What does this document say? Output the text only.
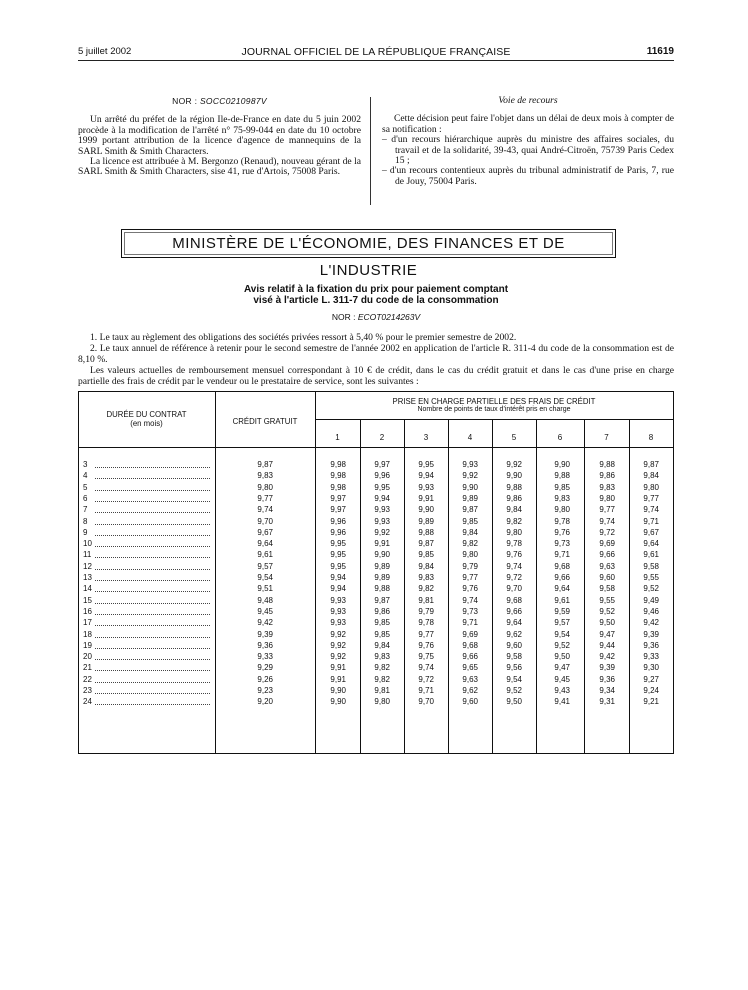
5 juillet 2002	JOURNAL OFFICIEL DE LA RÉPUBLIQUE FRANÇAISE	11619

NOR : SOCC0210987V

Un arrêté du préfet de la région Ile-de-France en date du 5 juin 2002 procède à la modification de l'arrêté n° 75-99-044 en date du 10 octobre 1999 portant attribution de la licence d'agence de mannequins de la SARL Smith & Smith Characters.

La licence est attribuée à M. Bergonzo (Renaud), nouveau gérant de la SARL Smith & Smith Characters, sise 41, rue d'Artois, 75008 Paris.

Voie de recours

Cette décision peut faire l'objet dans un délai de deux mois à compter de sa notification :

– d'un recours hiérarchique auprès du ministre des affaires sociales, du travail et de la solidarité, 39-43, quai André-Citroën, 75739 Paris Cedex 15 ;

– d'un recours contentieux auprès du tribunal administratif de Paris, 7, rue de Jouy, 75004 Paris.

MINISTÈRE DE L'ÉCONOMIE, DES FINANCES ET DE L'INDUSTRIE
Avis relatif à la fixation du prix pour paiement comptant
visé à l'article L. 311-7 du code de la consommation
NOR : ECOT0214263V

1. Le taux au règlement des obligations des sociétés privées ressort à 5,40 % pour le premier semestre de 2002.

2. Le taux annuel de référence à retenir pour le second semestre de l'année 2002 en application de l'article R. 311-4 du code de la consommation est de 8,10 %.

Les valeurs actuelles de remboursement mensuel correspondant à 10 € de crédit, dans le cas du crédit gratuit et dans le cas d'une prise en charge partielle des frais de crédit par le vendeur ou le prestataire de service, sont les suivantes :

DURÉE DU CONTRAT
(en mois)	CRÉDIT GRATUIT
PRISE EN CHARGE PARTIELLE DES FRAIS DE CRÉDIT
Nombre de points de taux d'intérêt pris en charge
1	2	3	4	5	6	7	8
3	9,87	9,98	9,97	9,95	9,93	9,92	9,90	9,88	9,87
4	9,83	9,98	9,96	9,94	9,92	9,90	9,88	9,86	9,84
5	9,80	9,98	9,95	9,93	9,90	9,88	9,85	9,83	9,80
6	9,77	9,97	9,94	9,91	9,89	9,86	9,83	9,80	9,77
7	9,74	9,97	9,93	9,90	9,87	9,84	9,80	9,77	9,74
8	9,70	9,96	9,93	9,89	9,85	9,82	9,78	9,74	9,71
9	9,67	9,96	9,92	9,88	9,84	9,80	9,76	9,72	9,67
10	9,64	9,95	9,91	9,87	9,82	9,78	9,73	9,69	9,64
11	9,61	9,95	9,90	9,85	9,80	9,76	9,71	9,66	9,61
12	9,57	9,95	9,89	9,84	9,79	9,74	9,68	9,63	9,58
13	9,54	9,94	9,89	9,83	9,77	9,72	9,66	9,60	9,55
14	9,51	9,94	9,88	9,82	9,76	9,70	9,64	9,58	9,52
15	9,48	9,93	9,87	9,81	9,74	9,68	9,61	9,55	9,49
16	9,45	9,93	9,86	9,79	9,73	9,66	9,59	9,52	9,46
17	9,42	9,93	9,85	9,78	9,71	9,64	9,57	9,50	9,42
18	9,39	9,92	9,85	9,77	9,69	9,62	9,54	9,47	9,39
19	9,36	9,92	9,84	9,76	9,68	9,60	9,52	9,44	9,36
20	9,33	9,92	9,83	9,75	9,66	9,58	9,50	9,42	9,33
21	9,29	9,91	9,82	9,74	9,65	9,56	9,47	9,39	9,30
22	9,26	9,91	9,82	9,72	9,63	9,54	9,45	9,36	9,27
23	9,23	9,90	9,81	9,71	9,62	9,52	9,43	9,34	9,24
24	9,20	9,90	9,80	9,70	9,60	9,50	9,41	9,31	9,21
